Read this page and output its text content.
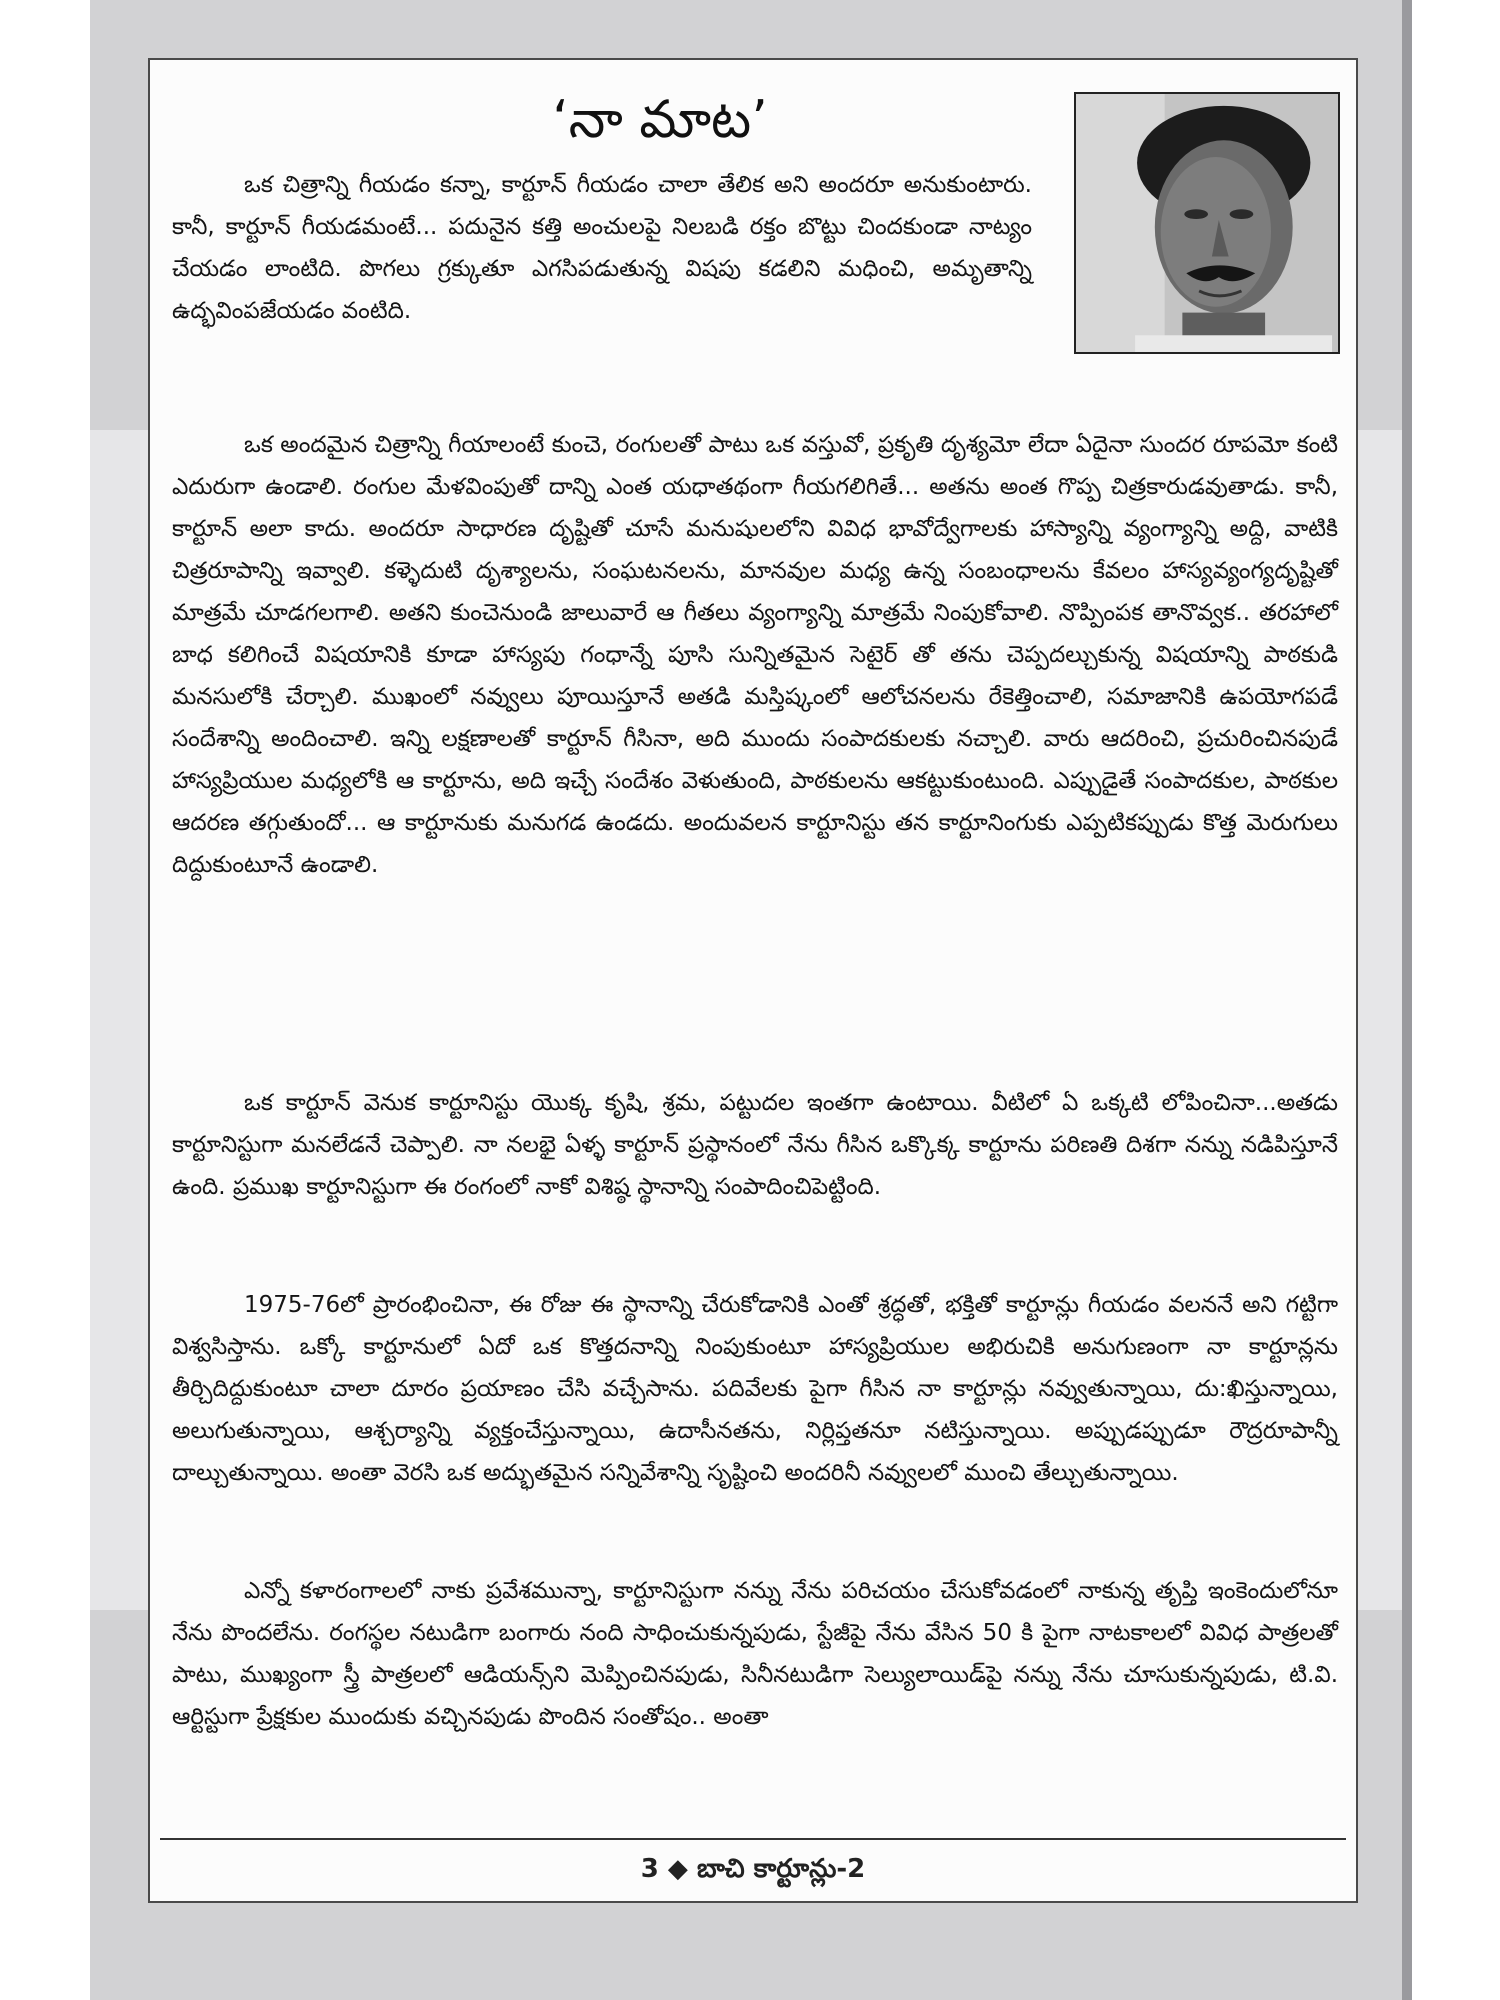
‘నా మాట’

ఒక చిత్రాన్ని గీయడం కన్నా, కార్టూన్ గీయడం చాలా తేలిక అని అందరూ అనుకుంటారు. కానీ, కార్టూన్ గీయడమంటే... పదునైన కత్తి అంచులపై నిలబడి రక్తం బొట్టు చిందకుండా నాట్యం చేయడం లాంటిది. పొగలు గ్రక్కుతూ ఎగసిపడుతున్న విషపు కడలిని మధించి, అమృతాన్ని ఉద్భవింపజేయడం వంటిది.

ఒక అందమైన చిత్రాన్ని గీయాలంటే కుంచె, రంగులతో పాటు ఒక వస్తువో, ప్రకృతి దృశ్యమో లేదా ఏదైనా సుందర రూపమో కంటి ఎదురుగా ఉండాలి. రంగుల మేళవింపుతో దాన్ని ఎంత యధాతథంగా గీయగలిగితే... అతను అంత గొప్ప చిత్రకారుడవుతాడు. కానీ, కార్టూన్ అలా కాదు. అందరూ సాధారణ దృష్టితో చూసే మనుషులలోని వివిధ భావోద్వేగాలకు హాస్యాన్ని వ్యంగ్యాన్ని అద్ది, వాటికి చిత్రరూపాన్ని ఇవ్వాలి. కళ్ళెదుటి దృశ్యాలను, సంఘటనలను, మానవుల మధ్య ఉన్న సంబంధాలను కేవలం హాస్యవ్యంగ్యదృష్టితో మాత్రమే చూడగలగాలి. అతని కుంచెనుండి జాలువారే ఆ గీతలు వ్యంగ్యాన్ని మాత్రమే నింపుకోవాలి. నొప్పింపక తానొవ్వక.. తరహాలో బాధ కలిగించే విషయానికి కూడా హాస్యపు గంధాన్నే పూసి సున్నితమైన సెటైర్ తో తను చెప్పదల్చుకున్న విషయాన్ని పాఠకుడి మనసులోకి చేర్చాలి. ముఖంలో నవ్వులు పూయిస్తూనే అతడి మస్తిష్కంలో ఆలోచనలను రేకెత్తించాలి, సమాజానికి ఉపయోగపడే సందేశాన్ని అందించాలి. ఇన్ని లక్షణాలతో కార్టూన్ గీసినా, అది ముందు సంపాదకులకు నచ్చాలి. వారు ఆదరించి, ప్రచురించినపుడే హాస్యప్రియుల మధ్యలోకి ఆ కార్టూను, అది ఇచ్చే సందేశం వెళుతుంది, పాఠకులను ఆకట్టుకుంటుంది. ఎప్పుడైతే సంపాదకుల, పాఠకుల ఆదరణ తగ్గుతుందో... ఆ కార్టూనుకు మనుగడ ఉండదు. అందువలన కార్టూనిస్టు తన కార్టూనింగుకు ఎప్పటికప్పుడు కొత్త మెరుగులు దిద్దుకుంటూనే ఉండాలి.

ఒక కార్టూన్ వెనుక కార్టూనిస్టు యొక్క కృషి, శ్రమ, పట్టుదల ఇంతగా ఉంటాయి. వీటిలో ఏ ఒక్కటి లోపించినా...అతడు కార్టూనిస్టుగా మనలేడనే చెప్పాలి. నా నలభై ఏళ్ళ కార్టూన్ ప్రస్థానంలో నేను గీసిన ఒక్కొక్క కార్టూను పరిణతి దిశగా నన్ను నడిపిస్తూనే ఉంది. ప్రముఖ కార్టూనిస్టుగా ఈ రంగంలో నాకో విశిష్ఠ స్థానాన్ని సంపాదించిపెట్టింది.

1975-76లో ప్రారంభించినా, ఈ రోజు ఈ స్థానాన్ని చేరుకోడానికి ఎంతో శ్రద్ధతో, భక్తితో కార్టూన్లు గీయడం వలననే అని గట్టిగా విశ్వసిస్తాను. ఒక్కో కార్టూనులో ఏదో ఒక కొత్తదనాన్ని నింపుకుంటూ హాస్యప్రియుల అభిరుచికి అనుగుణంగా నా కార్టూన్లను తీర్చిదిద్దుకుంటూ చాలా దూరం ప్రయాణం చేసి వచ్చేసాను. పదివేలకు పైగా గీసిన నా కార్టూన్లు నవ్వుతున్నాయి, దు:ఖిస్తున్నాయి, అలుగుతున్నాయి, ఆశ్చర్యాన్ని వ్యక్తంచేస్తున్నాయి, ఉదాసీనతను, నిర్లిప్తతనూ నటిస్తున్నాయి. అప్పుడప్పుడూ రౌద్రరూపాన్నీ దాల్చుతున్నాయి. అంతా వెరసి ఒక అద్భుతమైన సన్నివేశాన్ని సృష్టించి అందరినీ నవ్వులలో ముంచి తేల్చుతున్నాయి.

ఎన్నో కళారంగాలలో నాకు ప్రవేశమున్నా, కార్టూనిస్టుగా నన్ను నేను పరిచయం చేసుకోవడంలో నాకున్న తృప్తి ఇంకెందులోనూ నేను పొందలేను. రంగస్థల నటుడిగా బంగారు నంది సాధించుకున్నపుడు, స్టేజీపై నేను వేసిన 50 కి పైగా నాటకాలలో వివిధ పాత్రలతో పాటు, ముఖ్యంగా స్త్రీ పాత్రలలో ఆడియన్స్‌ని మెప్పించినపుడు, సినీనటుడిగా సెల్యులాయిడ్‌పై నన్ను నేను చూసుకున్నపుడు, టి.వి. ఆర్టిస్టుగా ప్రేక్షకుల ముందుకు వచ్చినపుడు పొందిన సంతోషం.. అంతా

3 ◆ బాచి కార్టూన్లు-2
